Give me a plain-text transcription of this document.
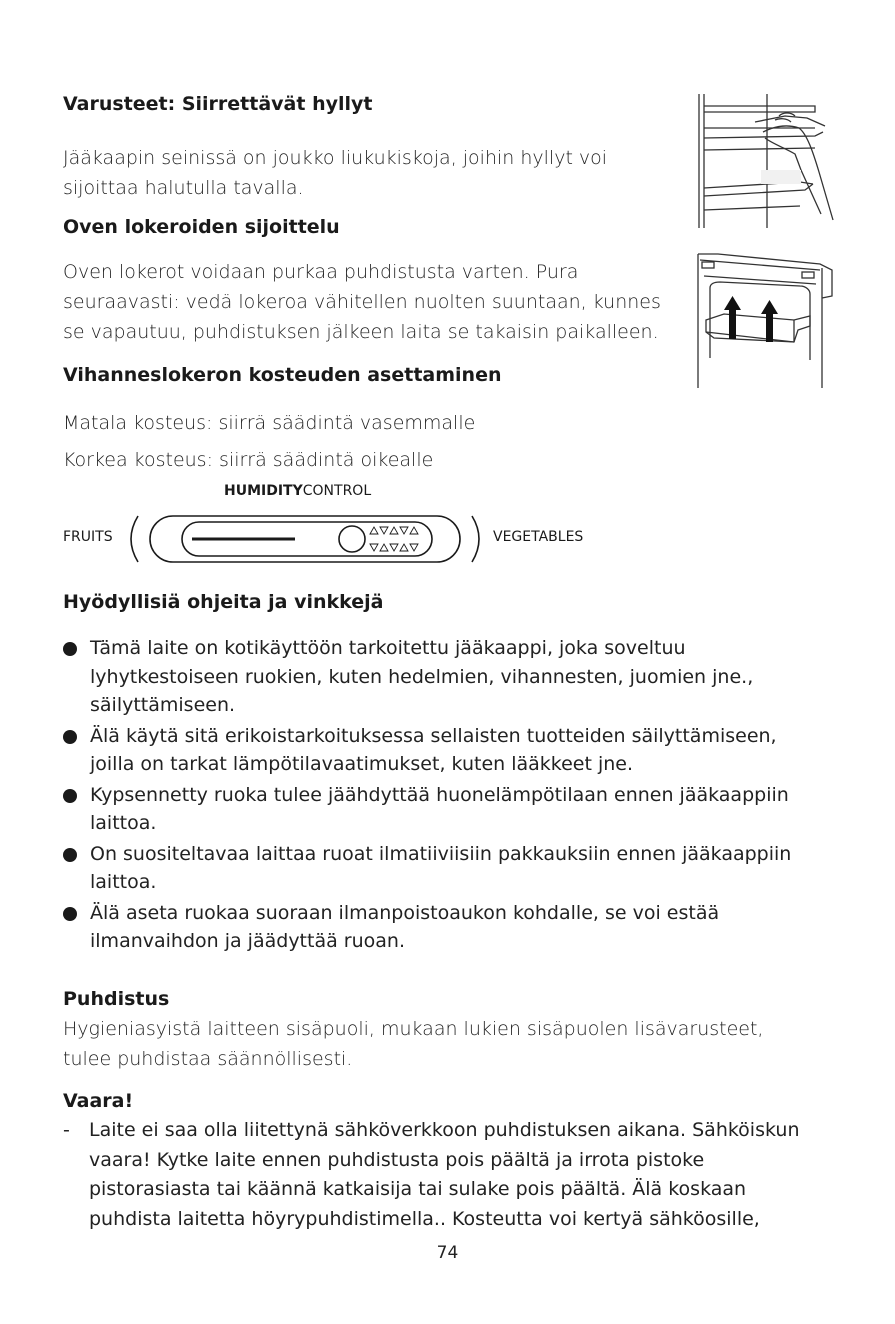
Varusteet: Siirrettävät hyllyt
Jääkaapin seinissä on joukko liukukiskoja, joihin hyllyt voi
sijoittaa halutulla tavalla.
Oven lokeroiden sijoittelu
Oven lokerot voidaan purkaa puhdistusta varten. Pura
seuraavasti: vedä lokeroa vähitellen nuolten suuntaan, kunnes
se vapautuu, puhdistuksen jälkeen laita se takaisin paikalleen.
Vihanneslokeron kosteuden asettaminen
Matala kosteus: siirrä säädintä vasemmalle
Korkea kosteus: siirrä säädintä oikealle
HUMIDITYCONTROL
FRUITS	VEGETABLES
Hyödyllisiä ohjeita ja vinkkejä
Tämä laite on kotikäyttöön tarkoitettu jääkaappi, joka soveltuu
lyhytkestoiseen ruokien, kuten hedelmien, vihannesten, juomien jne.,
säilyttämiseen.
Älä käytä sitä erikoistarkoituksessa sellaisten tuotteiden säilyttämiseen,
joilla on tarkat lämpötilavaatimukset, kuten lääkkeet jne.
Kypsennetty ruoka tulee jäähdyttää huonelämpötilaan ennen jääkaappiin
laittoa.
On suositeltavaa laittaa ruoat ilmatiiviisiin pakkauksiin ennen jääkaappiin
laittoa.
Älä aseta ruokaa suoraan ilmanpoistoaukon kohdalle, se voi estää
ilmanvaihdon ja jäädyttää ruoan.
Puhdistus
Hygieniasyistä laitteen sisäpuoli, mukaan lukien sisäpuolen lisävarusteet,
tulee puhdistaa säännöllisesti.
Vaara!
- Laite ei saa olla liitettynä sähköverkkoon puhdistuksen aikana. Sähköiskun
vaara! Kytke laite ennen puhdistusta pois päältä ja irrota pistoke
pistorasiasta tai käännä katkaisija tai sulake pois päältä. Älä koskaan
puhdista laitetta höyrypuhdistimella.. Kosteutta voi kertyä sähköosille,
74
